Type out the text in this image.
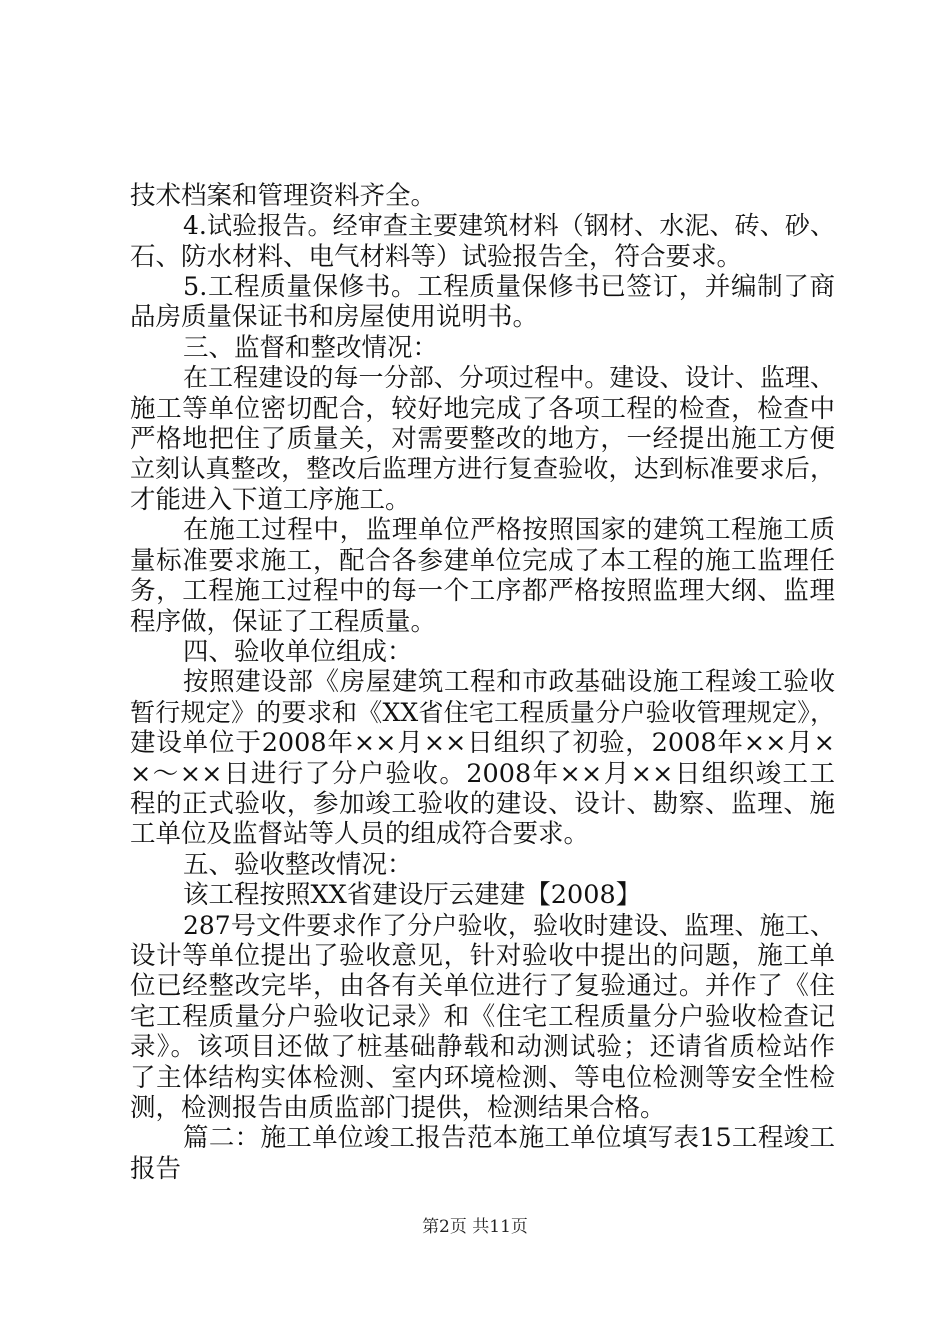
技术档案和管理资料齐全。
4.试验报告。经审查主要建筑材料（钢材、水泥、砖、砂、
石、防水材料、电气材料等）试验报告全，符合要求。
5.工程质量保修书。工程质量保修书已签订，并编制了商
品房质量保证书和房屋使用说明书。
三、监督和整改情况：
在工程建设的每一分部、分项过程中。建设、设计、监理、
施工等单位密切配合，较好地完成了各项工程的检查，检查中
严格地把住了质量关，对需要整改的地方，一经提出施工方便
立刻认真整改，整改后监理方进行复查验收，达到标准要求后，
才能进入下道工序施工。
在施工过程中，监理单位严格按照国家的建筑工程施工质
量标准要求施工，配合各参建单位完成了本工程的施工监理任
务，工程施工过程中的每一个工序都严格按照监理大纲、监理
程序做，保证了工程质量。
四、验收单位组成：
按照建设部《房屋建筑工程和市政基础设施工程竣工验收
暂行规定》的要求和《XX省住宅工程质量分户验收管理规定》，
建设单位于2008年××月××日组织了初验，2008年××月×
×～××日进行了分户验收。2008年××月××日组织竣工工
程的正式验收，参加竣工验收的建设、设计、勘察、监理、施
工单位及监督站等人员的组成符合要求。
五、验收整改情况：
该工程按照XX省建设厅云建建【2008】
287号文件要求作了分户验收，验收时建设、监理、施工、
设计等单位提出了验收意见，针对验收中提出的问题，施工单
位已经整改完毕，由各有关单位进行了复验通过。并作了《住
宅工程质量分户验收记录》和《住宅工程质量分户验收检查记
录》。该项目还做了桩基础静载和动测试验；还请省质检站作
了主体结构实体检测、室内环境检测、等电位检测等安全性检
测，检测报告由质监部门提供，检测结果合格。
篇二：施工单位竣工报告范本施工单位填写表15工程竣工
报告
第2页 共11页
